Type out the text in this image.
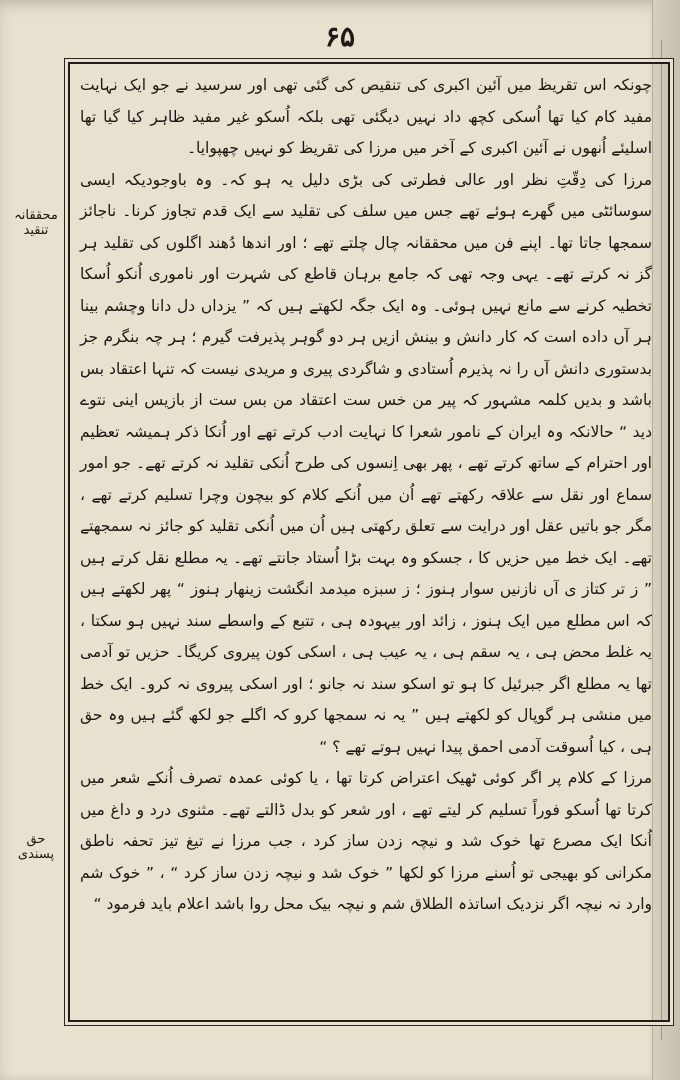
۶۵
محققانہ تنقید
حق پسندی

چونکہ اس تقریظ میں آئین اکبری کی تنقیص کی گئی تھی اور سرسید نے جو ایک نہایت مفید کام کیا تھا اُسکی کچھ داد نہیں دیگئی تھی بلکہ اُسکو غیر مفید ظاہر کیا گیا تھا اسلیئے اُنھوں نے آئین اکبری کے آخر میں مرزا کی تقریظ کو نہیں چھپوایا۔

مرزا کی دِقّتِ نظر اور عالی فطرتی کی بڑی دلیل یہ ہو کہ۔ وہ باوجودیکہ ایسی سوسائٹی میں گھرے ہوئے تھے جس میں سلف کی تقلید سے ایک قدم تجاوز کرنا۔ ناجائز سمجھا جاتا تھا۔ اپنے فن میں محققانہ چال چلتے تھے ؛ اور اندھا دُھند اگلوں کی تقلید ہر گز نہ کرتے تھے۔ یہی وجہ تھی کہ جامع برہان قاطع کی شہرت اور ناموری اُنکو اُسکا تخطیہ کرنے سے مانع نہیں ہوئی۔ وہ ایک جگہ لکھتے ہیں کہ ” یزداں دل دانا وچشم بینا ہر آں داده است کہ کار دانش و بینش ازیں ہر دو گوہر پذیرفت گیرم ؛ ہر چہ بنگرم جز بدستوری دانش آں را نہ پذیرم اُستادی و شاگردی پیری و مریدی نیست کہ تنہا اعتقاد بس باشد و بدیں کلمہ مشہور کہ پیر من خس ست اعتقاد من بس ست از بازیس اینی نتوے دید “ حالانکہ وہ ایران کے نامور شعرا کا نہایت ادب کرتے تھے اور اُنکا ذکر ہمیشہ تعظیم اور احترام کے ساتھ کرتے تھے ، پھر بھی اِنسوں کی طرح اُنکی تقلید نہ کرتے تھے۔ جو امور سماع اور نقل سے علاقہ رکھتے تھے اُن میں اُنکے کلام کو بیچون وچرا تسلیم کرتے تھے ، مگر جو باتیں عقل اور درایت سے تعلق رکھتی ہیں اُن میں اُنکی تقلید کو جائز نہ سمجھتے تھے۔ ایک خط میں حزیں کا ، جسکو وہ بہت بڑا اُستاد جانتے تھے۔ یہ مطلع نقل کرتے ہیں ” ز تر کتاز ی آں نازنیں سوار ہنوز ؛ ز سبزه میدمد انگشت زینهار ہنوز “ پھر لکھتے ہیں کہ اس مطلع میں ایک ہنوز ، زائد اور بیہودہ ہی ، تتبع کے واسطے سند نہیں ہو سکتا ، یہ غلط محض ہی ، یہ سقم ہی ، یہ عیب ہی ، اسکی کون پیروی کریگا۔ حزیں تو آدمی تھا یہ مطلع اگر جبرئیل کا ہو تو اسکو سند نہ جانو ؛ اور اسکی پیروی نہ کرو۔ ایک خط میں منشی ہر گوپال کو لکھتے ہیں ” یہ نہ سمجھا کرو کہ اگلے جو لکھ گئے ہیں وہ حق ہی ، کیا اُسوقت آدمی احمق پیدا نہیں ہوتے تھے ؟ “

مرزا کے کلام پر اگر کوئی ٹھیک اعتراض کرتا تھا ، یا کوئی عمدہ تصرف اُنکے شعر میں کرتا تھا اُسکو فوراً تسلیم کر لیتے تھے ، اور شعر کو بدل ڈالتے تھے۔ مثنوی درد و داغ میں اُنکا ایک مصرع تھا خوک شد و نیچہ زدن ساز کرد ، جب مرزا نے تیغ تیز تحفہ ناطق مکرانی کو بھیجی تو اُسنے مرزا کو لکھا ” خوک شد و نیچہ زدن ساز کرد “ ، ” خوک شم وارد نہ نیچہ اگر نزدیک اساتذہ الطلاق شم و نیچہ بیک محل روا باشد اعلام باید فرمود “
